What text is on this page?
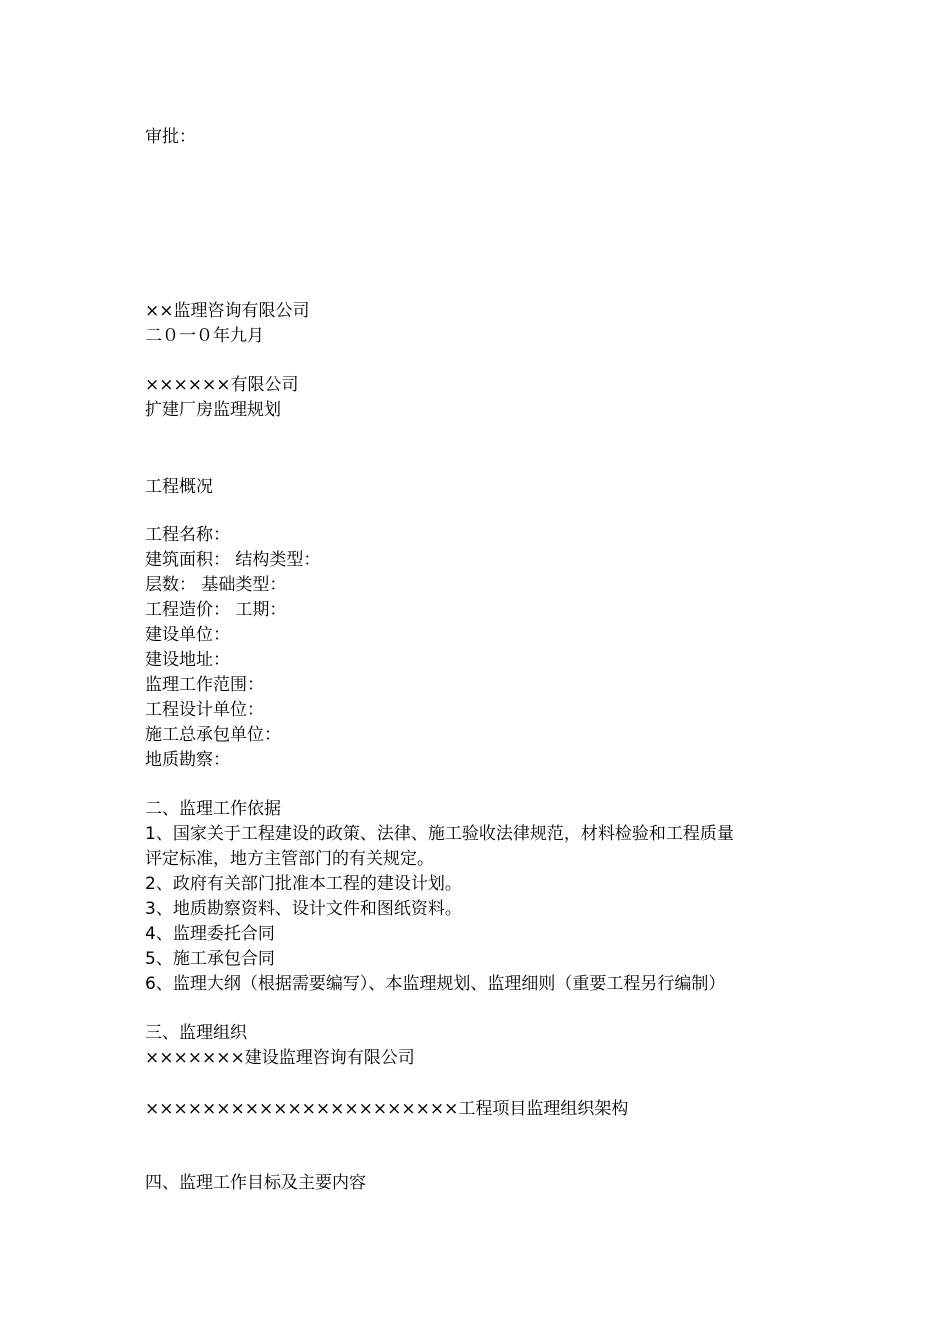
审批：
××监理咨询有限公司
二０一０年九月
××××××有限公司
扩建厂房监理规划
工程概况
工程名称：
建筑面积： 结构类型：
层数： 基础类型：
工程造价： 工期：
建设单位：
建设地址：
监理工作范围：
工程设计单位：
施工总承包单位：
地质勘察：
二、监理工作依据
1、国家关于工程建设的政策、法律、施工验收法律规范，材料检验和工程质量
评定标准，地方主管部门的有关规定。
2、政府有关部门批准本工程的建设计划。
3、地质勘察资料、设计文件和图纸资料。
4、监理委托合同
5、施工承包合同
6、监理大纲（根据需要编写）、本监理规划、监理细则（重要工程另行编制）
三、监理组织
×××××××建设监理咨询有限公司
××××××××××××××××××××××工程项目监理组织架构
四、监理工作目标及主要内容
